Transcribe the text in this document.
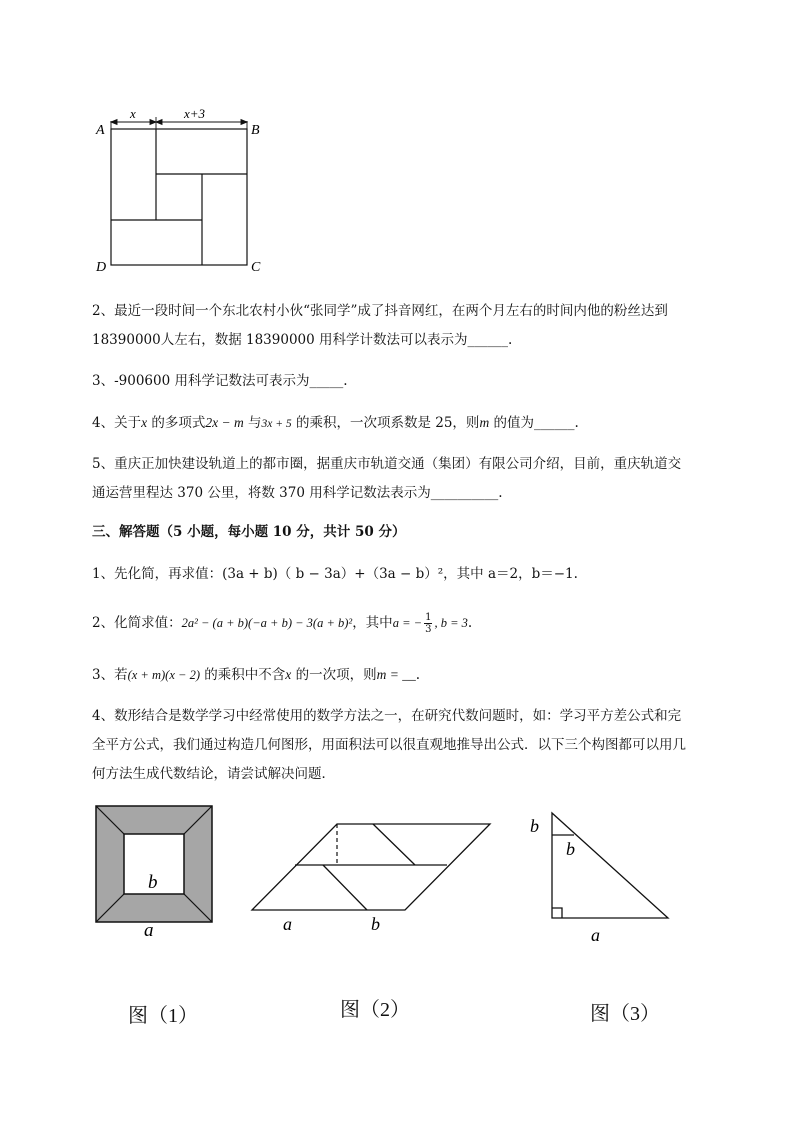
x	x+3
A	B
C
D
2、最近一段时间一个东北农村小伙“张同学”成了抖音网红，在两个月左右的时间内他的粉丝达到
18390000人左右，数据 18390000 用科学计数法可以表示为______.
3、-900600 用科学记数法可表示为_____.
4、关于x 的多项式2x − m 与3x + 5 的乘积，一次项系数是 25，则m 的值为______.
5、重庆正加快建设轨道上的都市圈，据重庆市轨道交通（集团）有限公司介绍，目前，重庆轨道交
通运营里程达 370 公里，将数 370 用科学记数法表示为__________.
三、解答题（5 小题，每小题 10 分，共计 50 分）
1、先化简，再求值：(3a + b)（ b − 3a）+（3a − b）²，其中 a＝2，b＝−1.
2、化简求值：2a² − (a + b)(−a + b) − 3(a + b)²，其中a = − $\frac{1}{3}$ , b = 3.
3、若(x + m)(x − 2) 的乘积中不含x 的一次项，则m = __.
4、数形结合是数学学习中经常使用的数学方法之一，在研究代数问题时，如：学习平方差公式和完
全平方公式，我们通过构造几何图形，用面积法可以很直观地推导出公式．以下三个构图都可以用几
何方法生成代数结论，请尝试解决问题．
b
a
图（1）
a	b
图（2）
b
b
a
图（3）
